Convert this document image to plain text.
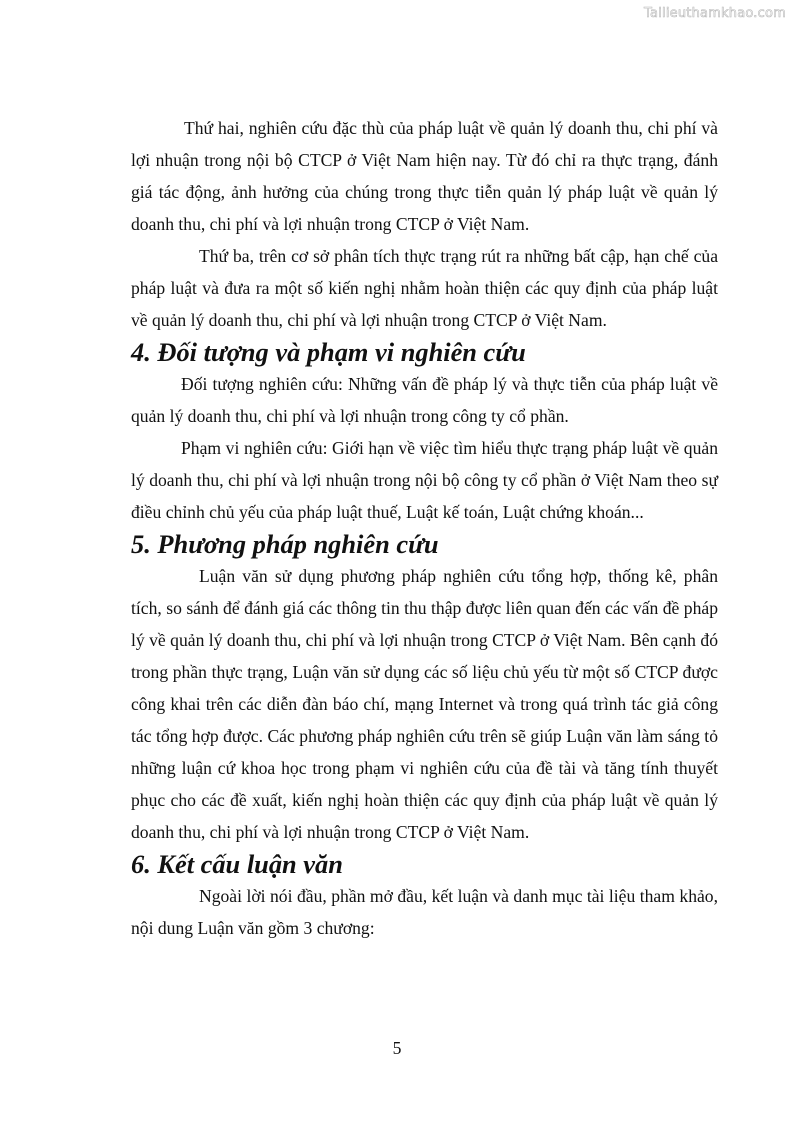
Tailieuthamkhao.com

Thứ hai, nghiên cứu đặc thù của pháp luật về quản lý doanh thu, chi phí và lợi nhuận trong nội bộ CTCP ở Việt Nam hiện nay. Từ đó chỉ ra thực trạng, đánh giá tác động, ảnh hưởng của chúng trong thực tiễn quản lý pháp luật về quản lý doanh thu, chi phí và lợi nhuận trong CTCP ở Việt Nam.

Thứ ba, trên cơ sở phân tích thực trạng rút ra những bất cập, hạn chế của pháp luật và đưa ra một số kiến nghị nhằm hoàn thiện các quy định của pháp luật về quản lý doanh thu, chi phí và lợi nhuận trong CTCP ở Việt Nam.

4. Đối tượng và phạm vi nghiên cứu

Đối tượng nghiên cứu: Những vấn đề pháp lý và thực tiễn của pháp luật về quản lý doanh thu, chi phí và lợi nhuận trong công ty cổ phần.

Phạm vi nghiên cứu: Giới hạn về việc tìm hiểu thực trạng pháp luật về quản lý doanh thu, chi phí và lợi nhuận trong nội bộ công ty cổ phần ở Việt Nam theo sự điều chỉnh chủ yếu của pháp luật thuế, Luật kế toán, Luật chứng khoán...

5. Phương pháp nghiên cứu

Luận văn sử dụng phương pháp nghiên cứu tổng hợp, thống kê, phân tích, so sánh để đánh giá các thông tin thu thập được liên quan đến các vấn đề pháp lý về quản lý doanh thu, chi phí và lợi nhuận trong CTCP ở Việt Nam. Bên cạnh đó trong phần thực trạng, Luận văn sử dụng các số liệu chủ yếu từ một số CTCP được công khai trên các diễn đàn báo chí, mạng Internet và trong quá trình tác giả công tác tổng hợp được. Các phương pháp nghiên cứu trên sẽ giúp Luận văn làm sáng tỏ những luận cứ khoa học trong phạm vi nghiên cứu của đề tài và tăng tính thuyết phục cho các đề xuất, kiến nghị hoàn thiện các quy định của pháp luật về quản lý doanh thu, chi phí và lợi nhuận trong CTCP ở Việt Nam.

6. Kết cấu luận văn

Ngoài lời nói đầu, phần mở đầu, kết luận và danh mục tài liệu tham khảo, nội dung Luận văn gồm 3 chương:

5
